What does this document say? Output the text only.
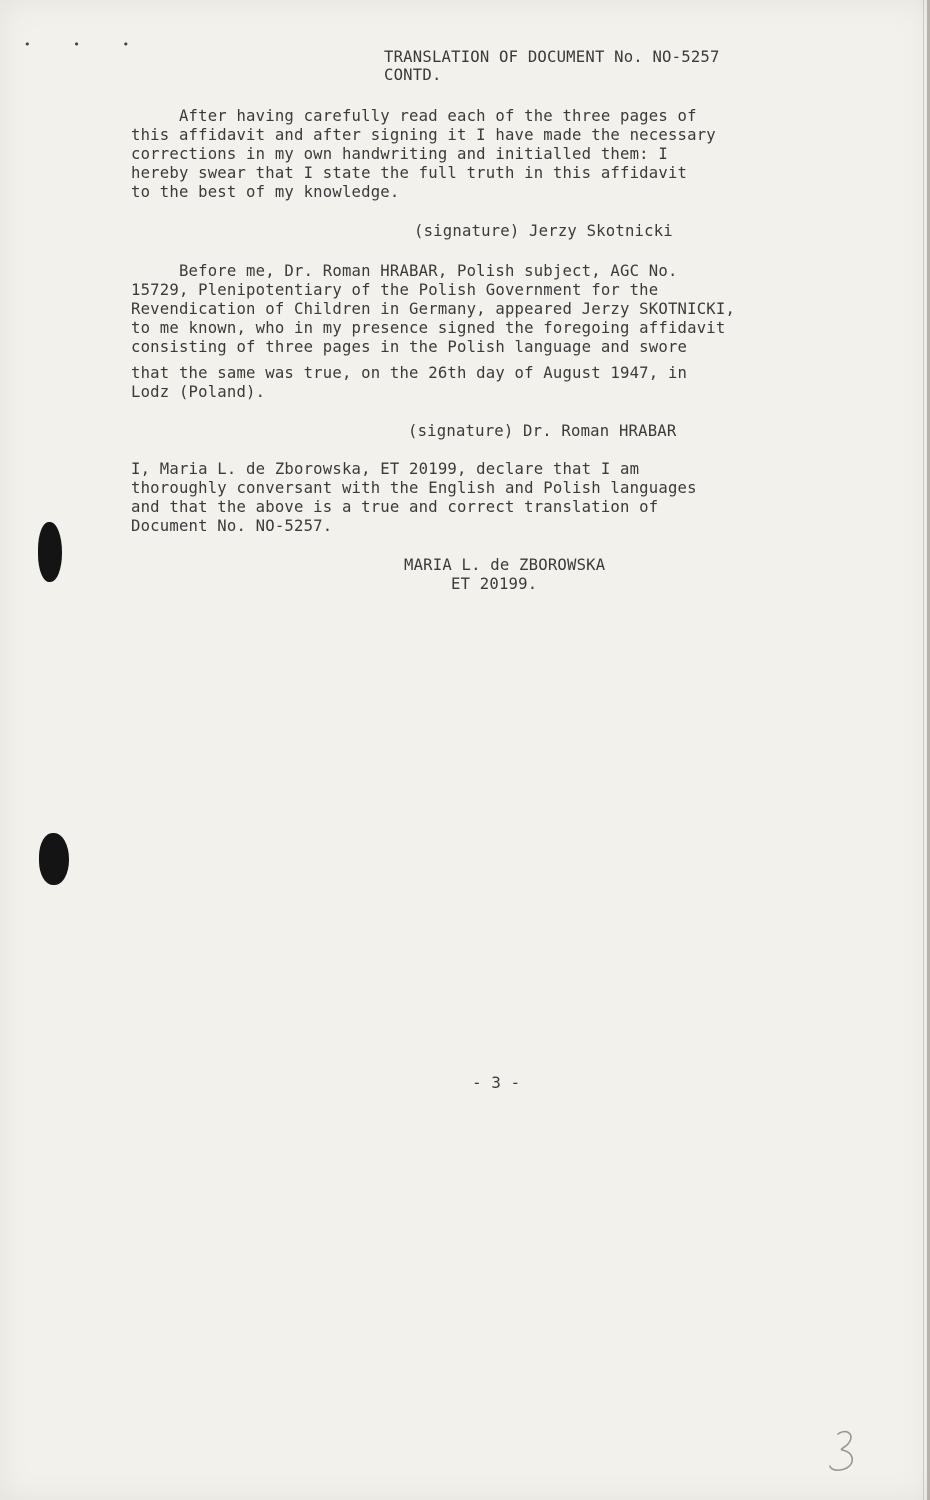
• • •
TRANSLATION OF DOCUMENT No. NO-5257
CONTD.
After having carefully read each of the three pages of
this affidavit and after signing it I have made the necessary
corrections in my own handwriting and initialled them: I
hereby swear that I state the full truth in this affidavit
to the best of my knowledge.
(signature) Jerzy Skotnicki
Before me, Dr. Roman HRABAR, Polish subject, AGC No.
15729, Plenipotentiary of the Polish Government for the
Revendication of Children in Germany, appeared Jerzy SKOTNICKI,
to me known, who in my presence signed the foregoing affidavit
consisting of three pages in the Polish language and swore
that the same was true, on the 26th day of August 1947, in
Lodz (Poland).
(signature) Dr. Roman HRABAR
I, Maria L. de Zborowska, ET 20199, declare that I am
thoroughly conversant with the English and Polish languages
and that the above is a true and correct translation of
Document No. NO-5257.
MARIA L. de ZBOROWSKA
ET 20199.
- 3 -
